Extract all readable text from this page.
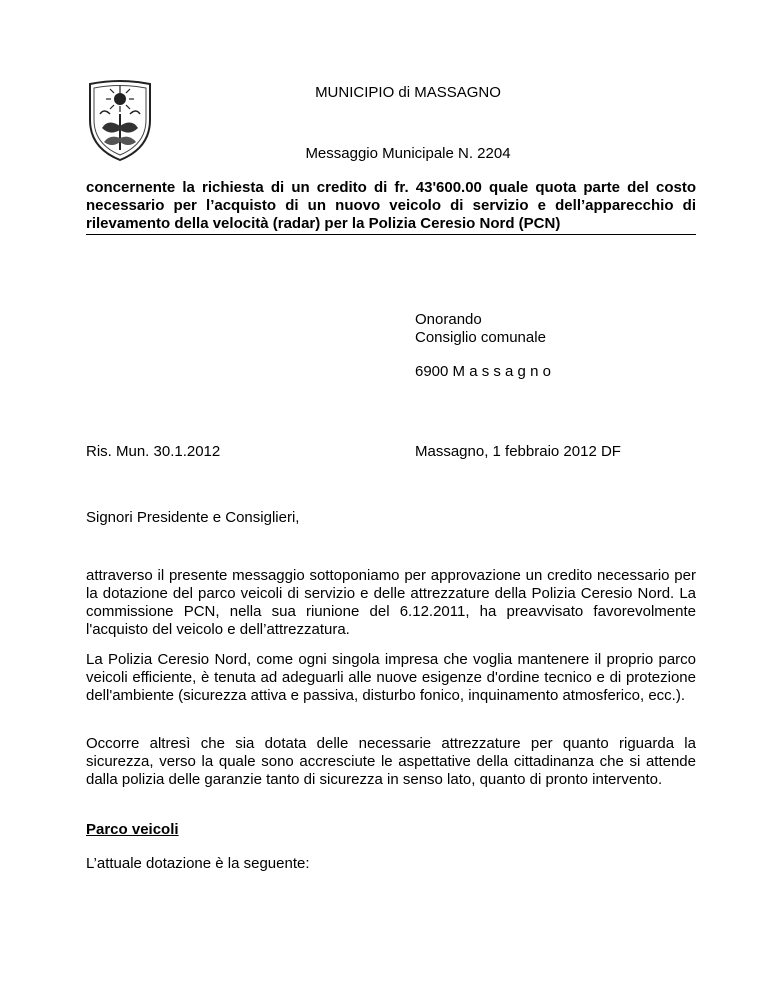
MUNICIPIO di MASSAGNO
Messaggio Municipale N. 2204
concernente la richiesta di un credito di fr. 43'600.00 quale quota parte del costo necessario per l’acquisto di un nuovo veicolo di servizio e dell’apparecchio di rilevamento della velocità (radar) per la Polizia Ceresio Nord (PCN)
Onorando
Consiglio comunale
6900 M a s s a g n o
Ris. Mun. 30.1.2012	Massagno, 1 febbraio 2012 DF
Signori Presidente e Consiglieri,
attraverso il presente messaggio sottoponiamo per approvazione un credito necessario per la dotazione del parco veicoli di servizio e delle attrezzature della Polizia Ceresio Nord. La commissione PCN, nella sua riunione del 6.12.2011, ha preavvisato favorevolmente l'acquisto del veicolo e dell’attrezzatura.
La Polizia Ceresio Nord, come ogni singola impresa che voglia mantenere il proprio parco veicoli efficiente, è tenuta ad adeguarli alle nuove esigenze d'ordine tecnico e di protezione dell'ambiente (sicurezza attiva e passiva, disturbo fonico, inquinamento atmosferico, ecc.).
Occorre altresì che sia dotata delle necessarie attrezzature per quanto riguarda la sicurezza, verso la quale sono accresciute le aspettative della cittadinanza che si attende dalla polizia delle garanzie tanto di sicurezza in senso lato, quanto di pronto intervento.
Parco veicoli
L’attuale dotazione è la seguente:
